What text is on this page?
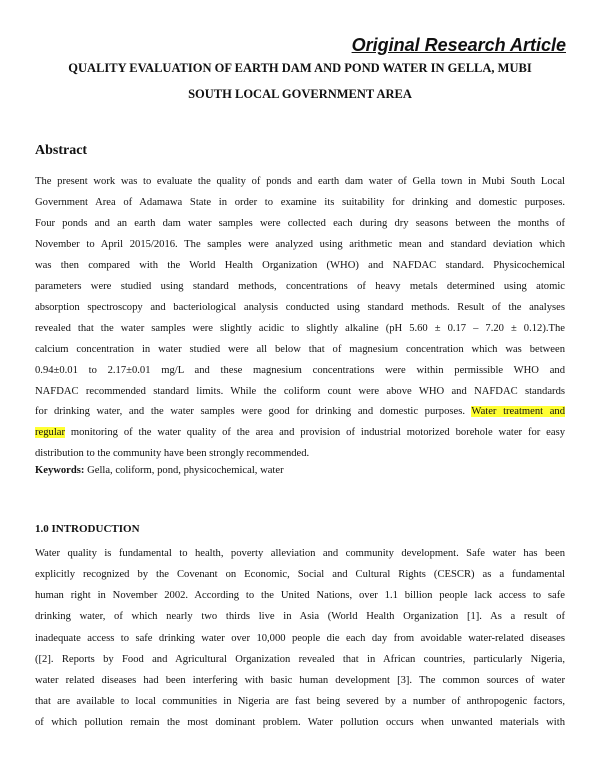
Original Research Article
QUALITY EVALUATION OF EARTH DAM AND POND WATER IN GELLA, MUBI
SOUTH LOCAL GOVERNMENT AREA
Abstract
The present work was to evaluate the quality of ponds and earth dam water of Gella town in Mubi South Local
Government Area of Adamawa State in order to examine its suitability for drinking and domestic purposes.
Four ponds and an earth dam water samples were collected each during dry seasons between the months of
November to April 2015/2016. The samples were analyzed using arithmetic mean and standard deviation which
was then compared with the World Health Organization (WHO) and NAFDAC standard. Physicochemical
parameters were studied using standard methods, concentrations of heavy metals determined using atomic
absorption spectroscopy and bacteriological analysis conducted using standard methods. Result of the analyses
revealed that the water samples were slightly acidic to slightly alkaline (pH 5.60 ± 0.17 – 7.20 ± 0.12).The
calcium concentration in water studied were all below that of magnesium concentration which was between
0.94±0.01 to 2.17±0.01 mg/L and these magnesium concentrations were within permissible WHO and
NAFDAC recommended standard limits. While the coliform count were above WHO and NAFDAC standards
for drinking water, and the water samples were good for drinking and domestic purposes. Water treatment and
regular monitoring of the water quality of the area and provision of industrial motorized borehole water for easy
distribution to the community have been strongly recommended.
Keywords: Gella, coliform, pond, physicochemical, water
1.0 INTRODUCTION
Water quality is fundamental to health, poverty alleviation and community development. Safe water has been
explicitly recognized by the Covenant on Economic, Social and Cultural Rights (CESCR) as a fundamental
human right in November 2002. According to the United Nations, over 1.1 billion people lack access to safe
drinking water, of which nearly two thirds live in Asia (World Health Organization [1]. As a result of
inadequate access to safe drinking water over 10,000 people die each day from avoidable water-related diseases
([2]. Reports by Food and Agricultural Organization revealed that in African countries, particularly Nigeria,
water related diseases had been interfering with basic human development [3]. The common sources of water
that are available to local communities in Nigeria are fast being severed by a number of anthropogenic factors,
of which pollution remain the most dominant problem. Water pollution occurs when unwanted materials with
